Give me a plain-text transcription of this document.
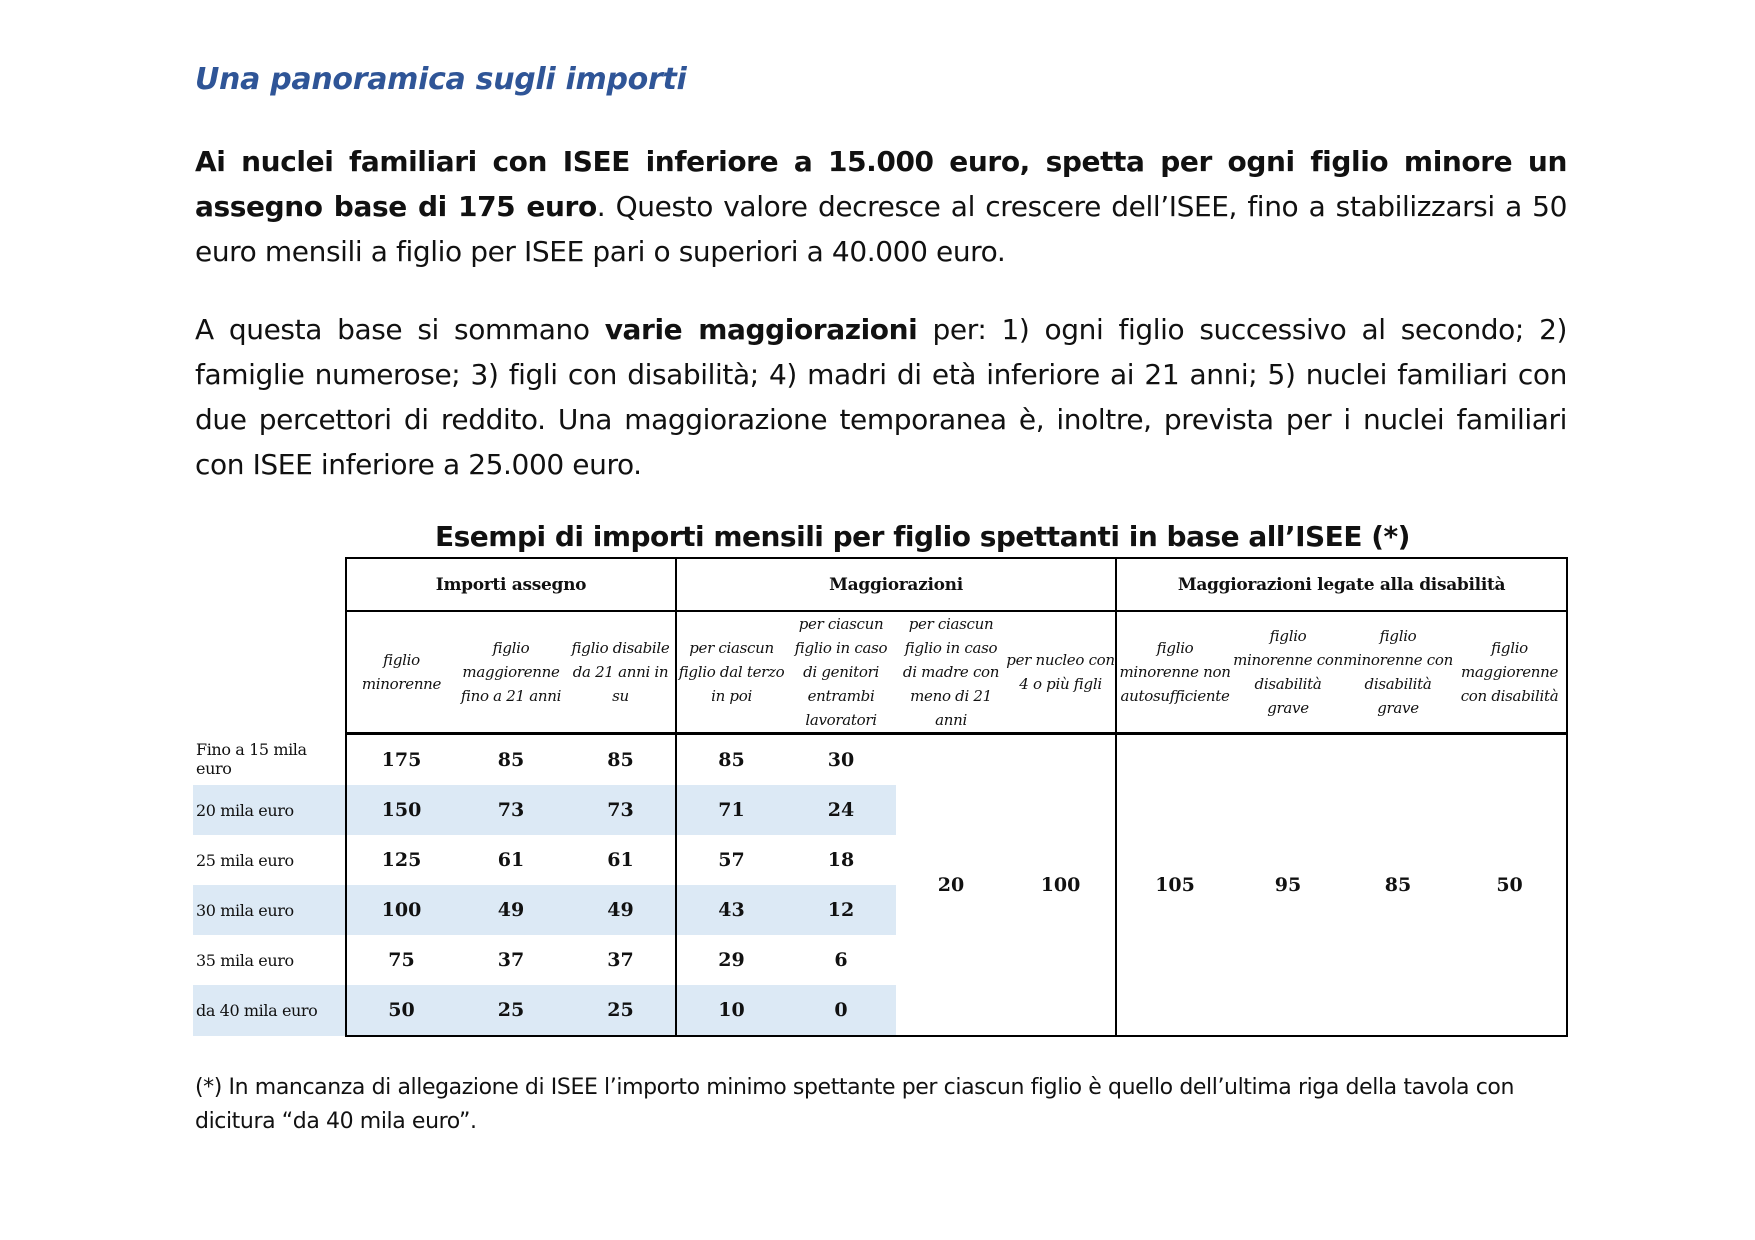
Una panoramica sugli importi
Ai nuclei familiari con ISEE inferiore a 15.000 euro, spetta per ogni figlio minore un assegno base di 175 euro. Questo valore decresce al crescere dell’ISEE, fino a stabilizzarsi a 50 euro mensili a figlio per ISEE pari o superiori a 40.000 euro.
A questa base si sommano varie maggiorazioni per: 1) ogni figlio successivo al secondo; 2) famiglie numerose; 3) figli con disabilità; 4) madri di età inferiore ai 21 anni; 5) nuclei familiari con due percettori di reddito. Una maggiorazione temporanea è, inoltre, prevista per i nuclei familiari con ISEE inferiore a 25.000 euro.
Esempi di importi mensili per figlio spettanti in base all’ISEE (*)
	Importi assegno			Maggiorazioni				Maggiorazioni legate alla disabilità			
	figlio minorenne	figlio maggiorenne fino a 21 anni	figlio disabile da 21 anni in su	per ciascun figlio dal terzo in poi	per ciascun figlio in caso di genitori entrambi lavoratori	per ciascun figlio in caso di madre con meno di 21 anni	per nucleo con 4 o più figli	figlio minorenne non autosufficiente	figlio minorenne con disabilità grave	figlio minorenne con disabilità grave	figlio maggiorenne con disabilità
Fino a 15 mila euro	175	85	85	85	30	20	100	105	95	85	50
20 mila euro	150	73	73	71	24						
25 mila euro	125	61	61	57	18						
30 mila euro	100	49	49	43	12						
35 mila euro	75	37	37	29	6						
da 40 mila euro	50	25	25	10	0						
(*) In mancanza di allegazione di ISEE l’importo minimo spettante per ciascun figlio è quello dell’ultima riga della tavola con dicitura “da 40 mila euro”.
